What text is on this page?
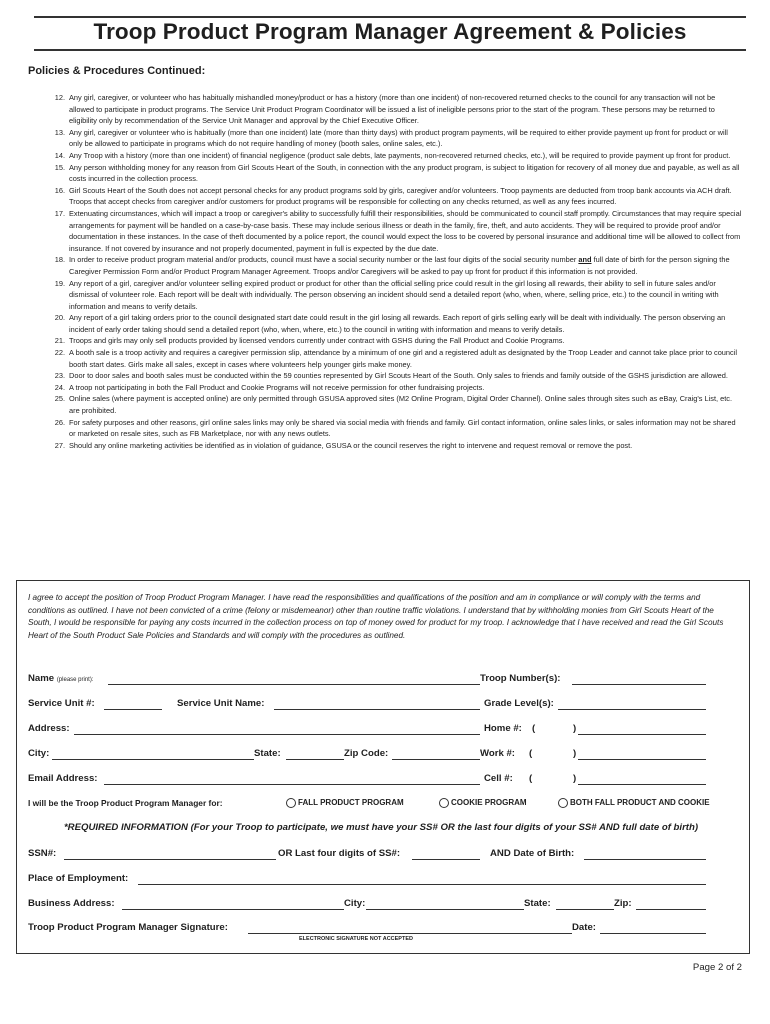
Troop Product Program Manager Agreement & Policies
Policies & Procedures Continued:
12. Any girl, caregiver, or volunteer who has habitually mishandled money/product or has a history (more than one incident) of non-recovered returned checks to the council for any transaction will not be allowed to participate in product programs. The Service Unit Product Program Coordinator will be issued a list of ineligible persons prior to the start of the program. These persons may be returned to eligibility only by recommendation of the Service Unit Manager and approval by the Chief Executive Officer.
13. Any girl, caregiver or volunteer who is habitually (more than one incident) late (more than thirty days) with product program payments, will be required to either provide payment up front for product or will only be allowed to participate in programs which do not require handling of money (booth sales, online sales, etc.).
14. Any Troop with a history (more than one incident) of financial negligence (product sale debts, late payments, non-recovered returned checks, etc.), will be required to provide payment up front for product.
15. Any person withholding money for any reason from Girl Scouts Heart of the South, in connection with the any product program, is subject to litigation for recovery of all money due and payable, as well as all costs incurred in the collection process.
16. Girl Scouts Heart of the South does not accept personal checks for any product programs sold by girls, caregiver and/or volunteers. Troop payments are deducted from troop bank accounts via ACH draft. Troops that accept checks from caregiver and/or customers for product programs will be responsible for collecting on any checks returned, as well as any fees incurred.
17. Extenuating circumstances, which will impact a troop or caregiver's ability to successfully fulfill their responsibilities, should be communicated to council staff promptly. Circumstances that may require special arrangements for payment will be handled on a case-by-case basis. These may include serious illness or death in the family, fire, theft, and auto accidents. They will be required to provide proof and/or documentation in these instances. In the case of theft documented by a police report, the council would expect the loss to be covered by personal insurance and additional time will be allowed to collect from insurance. If not covered by insurance and not properly documented, payment in full is expected by the due date.
18. In order to receive product program material and/or products, council must have a social security number or the last four digits of the social security number and full date of birth for the person signing the Caregiver Permission Form and/or Product Program Manager Agreement. Troops and/or Caregivers will be asked to pay up front for product if this information is not provided.
19. Any report of a girl, caregiver and/or volunteer selling expired product or product for other than the official selling price could result in the girl losing all rewards, their ability to sell in future sales and/or dismissal of volunteer role. Each report will be dealt with individually. The person observing an incident should send a detailed report (who, when, where, selling price, etc.) to the council in writing with information and means to verify details.
20. Any report of a girl taking orders prior to the council designated start date could result in the girl losing all rewards. Each report of girls selling early will be dealt with individually. The person observing an incident of early order taking should send a detailed report (who, when, where, etc.) to the council in writing with information and means to verify details.
21. Troops and girls may only sell products provided by licensed vendors currently under contract with GSHS during the Fall Product and Cookie Programs.
22. A booth sale is a troop activity and requires a caregiver permission slip, attendance by a minimum of one girl and a registered adult as designated by the Troop Leader and cannot take place prior to council booth start dates. Girls make all sales, except in cases where volunteers help younger girls make money.
23. Door to door sales and booth sales must be conducted within the 59 counties represented by Girl Scouts Heart of the South. Only sales to friends and family outside of the GSHS jurisdiction are allowed.
24. A troop not participating in both the Fall Product and Cookie Programs will not receive permission for other fundraising projects.
25. Online sales (where payment is accepted online) are only permitted through GSUSA approved sites (M2 Online Program, Digital Order Channel). Online sales through sites such as eBay, Craig's List, etc. are prohibited.
26. For safety purposes and other reasons, girl online sales links may only be shared via social media with friends and family. Girl contact information, online sales links, or sales information may not be shared or marketed on resale sites, such as FB Marketplace, nor with any news outlets.
27. Should any online marketing activities be identified as in violation of guidance, GSUSA or the council reserves the right to intervene and request removal or remove the post.
I agree to accept the position of Troop Product Program Manager. I have read the responsibilities and qualifications of the position and am in compliance or will comply with the terms and conditions as outlined. I have not been convicted of a crime (felony or misdemeanor) other than routine traffic violations. I understand that by withholding monies from Girl Scouts Heart of the South, I would be responsible for paying any costs incurred in the collection process on top of money owed for product for my troop. I acknowledge that I have received and read the Girl Scouts Heart of the South Product Sale Policies and Standards and will comply with the procedures as outlined.
Name (please print):	Troop Number(s):
Service Unit #:	Service Unit Name:	Grade Level(s):
Address:	Home #: (	)
City:	State:	Zip Code:	Work #: (	)
Email Address:	Cell #: (	)
I will be the Troop Product Program Manager for:	FALL PRODUCT PROGRAM	COOKIE PROGRAM	BOTH FALL PRODUCT AND COOKIE
*REQUIRED INFORMATION (For your Troop to participate, we must have your SS# OR the last four digits of your SS# AND full date of birth)
SSN#:	OR Last four digits of SS#:	AND Date of Birth:
Place of Employment:
Business Address:	City:	State:	Zip:
Troop Product Program Manager Signature:	Date:
ELECTRONIC SIGNATURE NOT ACCEPTED
Page 2 of 2
